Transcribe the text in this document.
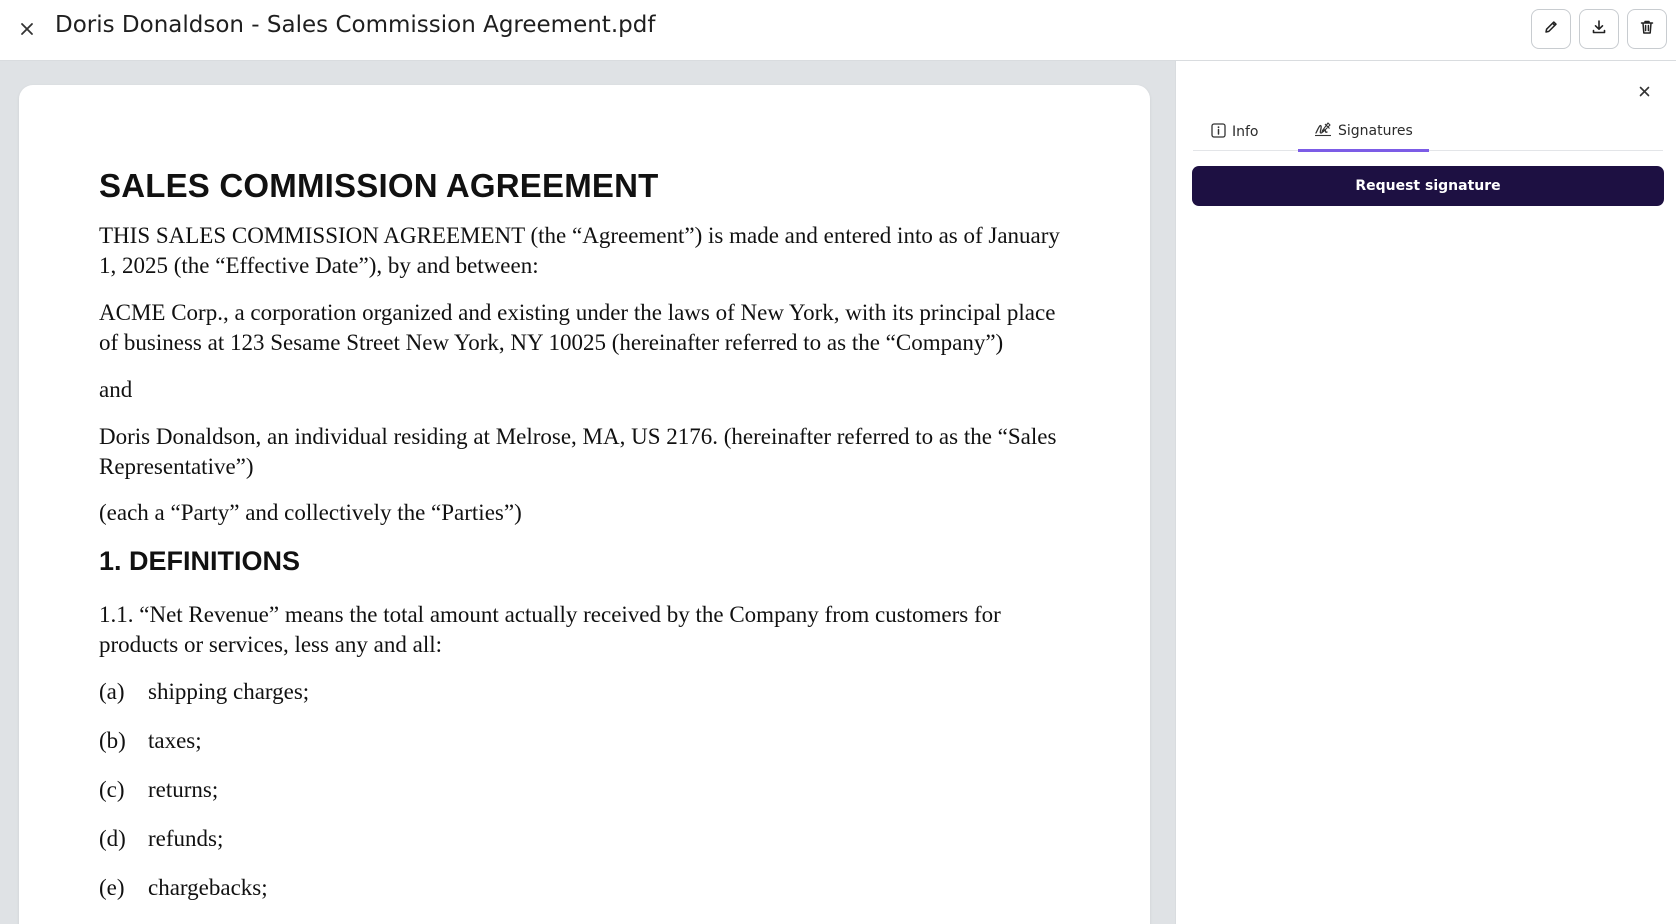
Doris Donaldson - Sales Commission Agreement.pdf
SALES COMMISSION AGREEMENT
THIS SALES COMMISSION AGREEMENT (the “Agreement”) is made and entered into as of January
1, 2025 (the “Effective Date”), by and between:
ACME Corp., a corporation organized and existing under the laws of New York, with its principal place
of business at 123 Sesame Street New York, NY 10025 (hereinafter referred to as the “Company”)
and
Doris Donaldson, an individual residing at Melrose, MA, US 2176. (hereinafter referred to as the “Sales
Representative”)
(each a “Party” and collectively the “Parties”)
1. DEFINITIONS
1.1. “Net Revenue” means the total amount actually received by the Company from customers for
products or services, less any and all:
(a) shipping charges;
(b) taxes;
(c) returns;
(d) refunds;
(e) chargebacks;
Info	Signatures
Request signature
